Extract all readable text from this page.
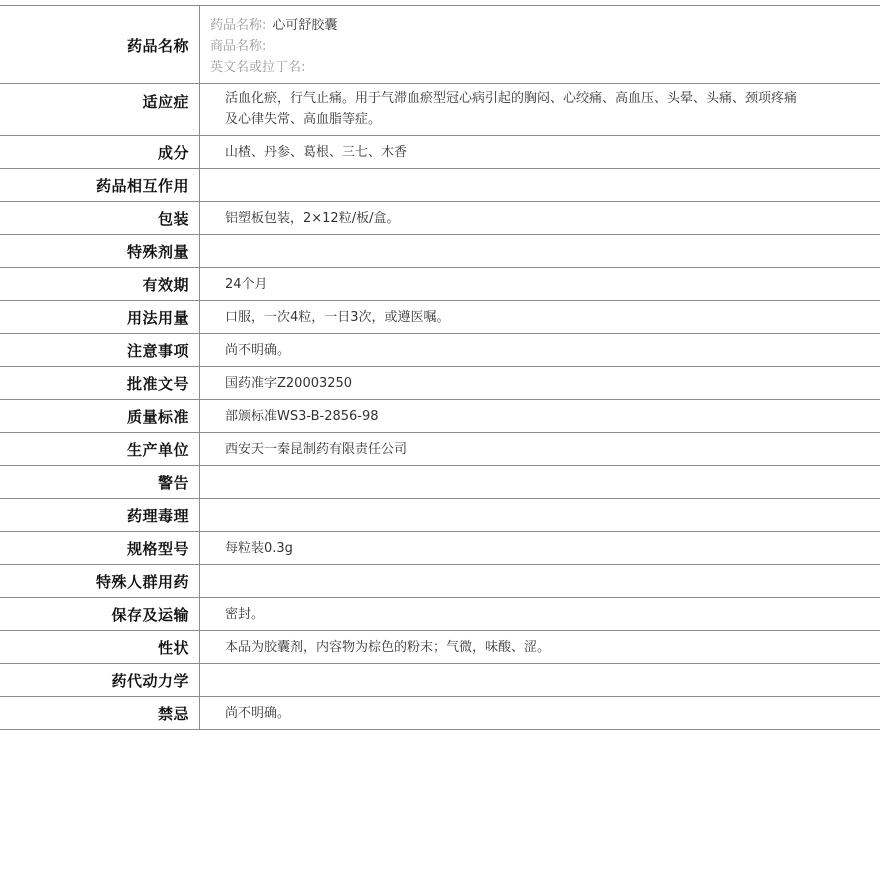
药品名称
药品名称: 心可舒胶囊
商品名称:
英文名或拉丁名:
适应症	活血化瘀，行气止痛。用于气滞血瘀型冠心病引起的胸闷、心绞痛、高血压、头晕、头痛、颈项疼痛及心律失常、高血脂等症。
成分	山楂、丹参、葛根、三七、木香
药品相互作用
包装	铝塑板包装，2×12粒/板/盒。
特殊剂量
有效期	24个月
用法用量	口服，一次4粒，一日3次，或遵医嘱。
注意事项	尚不明确。
批准文号	国药准字Z20003250
质量标准	部颁标准WS3-B-2856-98
生产单位	西安天一秦昆制药有限责任公司
警告
药理毒理
规格型号	每粒装0.3g
特殊人群用药
保存及运输	密封。
性状	本品为胶囊剂，内容物为棕色的粉末；气微，味酸、涩。
药代动力学
禁忌	尚不明确。
